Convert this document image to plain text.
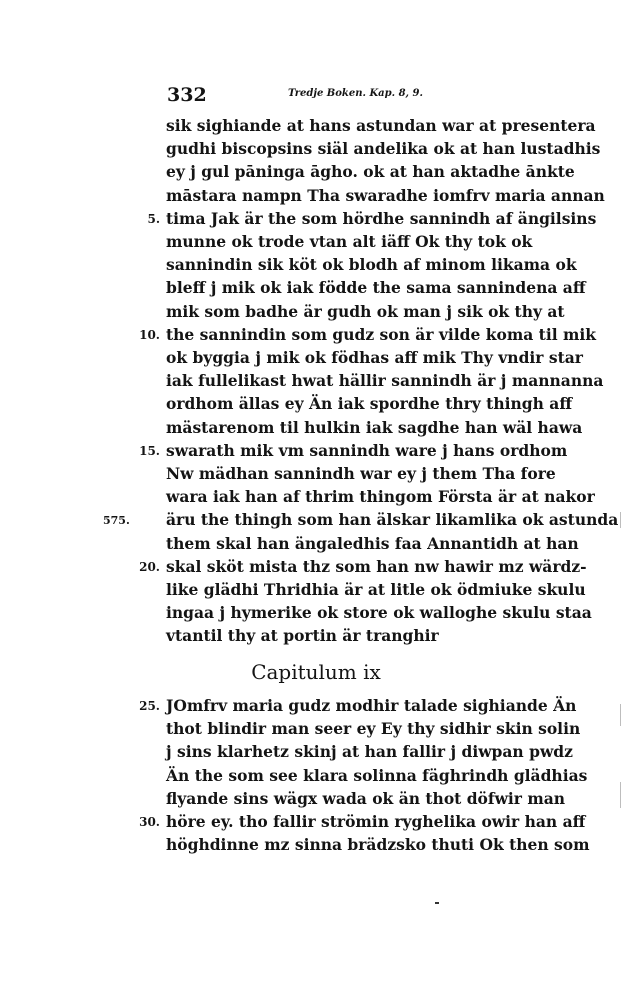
332	Tredje Boken. Kap. 8, 9.
575.
sik sighiande at hans astundan war at presentera
gudhi biscopsins siäl andelika ok at han lustadhis
ey j gul pāninga āgho. ok at han aktadhe ānkte
māstara nampn Tha swaradhe iomfrv maria annan
5. tima Jak är the som hördhe sannindh af ängilsins
munne ok trode vtan alt iäff Ok thy tok ok
sannindin sik köt ok blodh af minom likama ok
bleff j mik ok iak födde the sama sannindena aff
mik som badhe är gudh ok man j sik ok thy at
10. the sannindin som gudz son är vilde koma til mik
ok byggia j mik ok födhas aff mik Thy vndir star
iak fullelikast hwat hällir sannindh är j mannanna
ordhom ällas ey Än iak spordhe thry thingh aff
mästarenom til hulkin iak sagdhe han wäl hawa
15. swarath mik vm sannindh ware j hans ordhom
Nw mädhan sannindh war ey j them Tha fore
wara iak han af thrim thingom Första är at nakor
äru the thingh som han älskar likamlika ok astunda
them skal han ängaledhis faa Annantidh at han
20. skal sköt mista thz som han nw hawir mz wärdz-
like glädhi Thridhia är at litle ok ödmiuke skulu
ingaa j hymerike ok store ok walloghe skulu staa
vtantil thy at portin är tranghir
Capitulum ix
25. JOmfrv maria gudz modhir talade sighiande Än
thot blindir man seer ey Ey thy sidhir skin solin
j sins klarhetz skinj at han fallir j diwpan pwdz
Än the som see klara solinna fäghrindh glädhias
flyande sins wägx wada ok än thot döfwir man
30. höre ey. tho fallir strömin ryghelika owir han aff
höghdinne mz sinna brädzsko thuti Ok then som
